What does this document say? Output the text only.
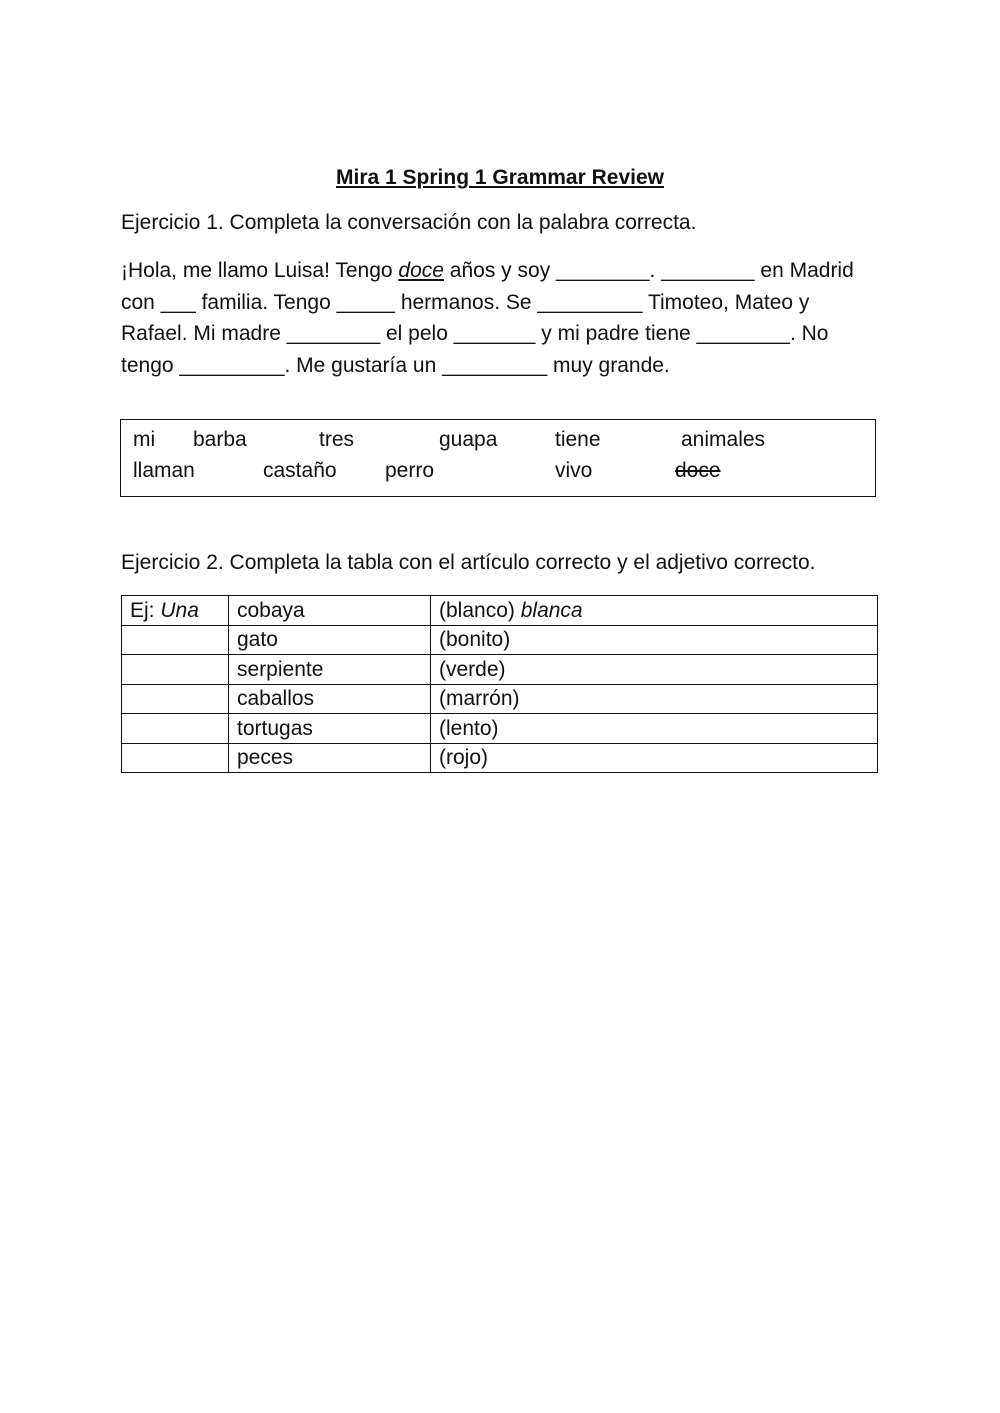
Mira 1 Spring 1 Grammar Review
Ejercicio 1. Completa la conversación con la palabra correcta.
¡Hola, me llamo Luisa! Tengo doce años y soy ________. ________ en Madrid
con ___ familia. Tengo _____ hermanos. Se _________ Timoteo, Mateo y
Rafael. Mi madre ________ el pelo _______ y mi padre tiene ________. No
tengo _________. Me gustaría un _________ muy grande.
mi barba	tres	guapa	tiene	animales
llaman	castaño perro	vivo	doce
Ejercicio 2. Completa la tabla con el artículo correcto y el adjetivo correcto.
Ej: Una	cobaya	(blanco) blanca
	gato	(bonito)
	serpiente	(verde)
	caballos	(marrón)
	tortugas	(lento)
	peces	(rojo)
